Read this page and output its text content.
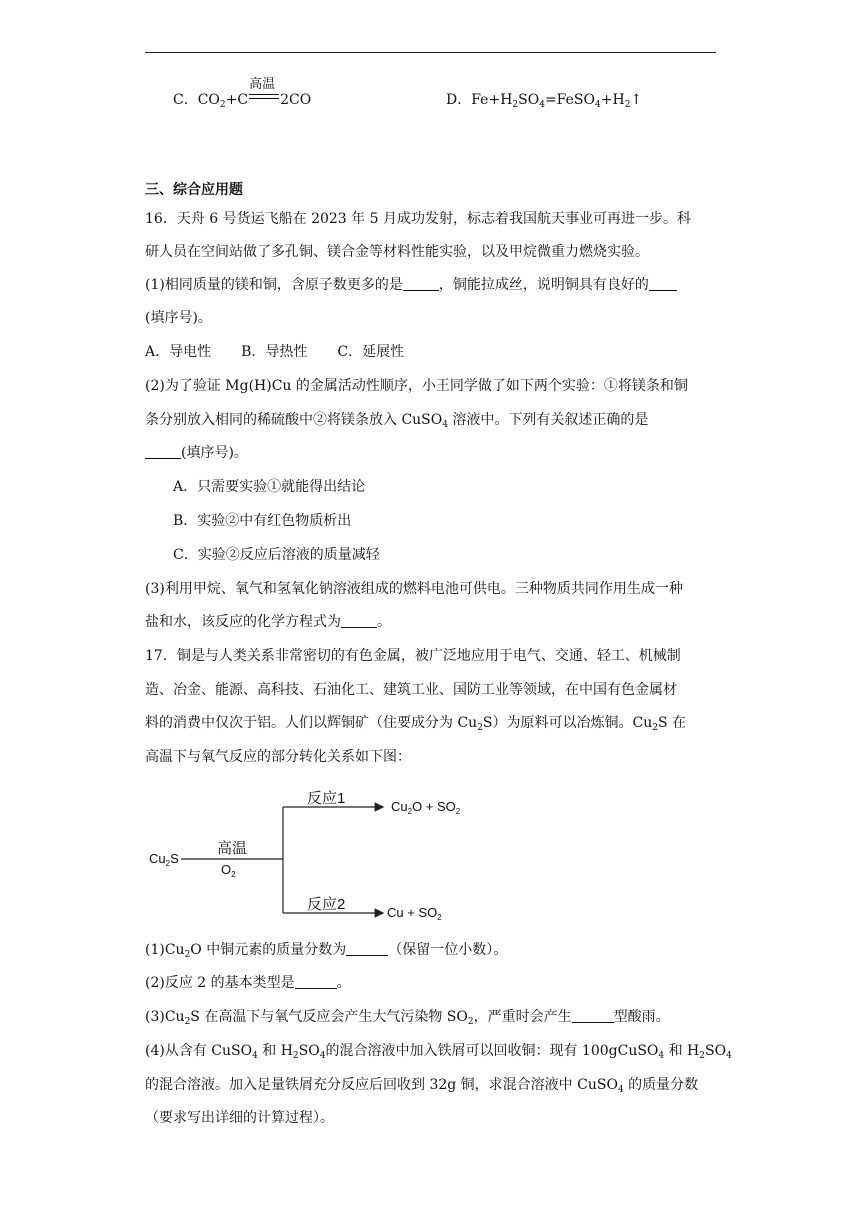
C．$CO_2+C$
高温
2CO	D．$Fe+H_2SO_4=FeSO_4+H_2↑$
三、综合应用题
16．天舟 6 号货运飞船在 2023 年 5 月成功发射，标志着我国航天事业可再进一步。科
研人员在空间站做了多孔铜、镁合金等材料性能实验，以及甲烷微重力燃烧实验。
(1)相同质量的镁和铜，含原子数更多的是	，铜能拉成丝，说明铜具有良好的
(填序号)。
A．导电性 B．导热性 C．延展性
(2)为了验证 Mg(H)Cu 的金属活动性顺序，小王同学做了如下两个实验：①将镁条和铜
条分别放入相同的稀硫酸中②将镁条放入 CuSO$_4$ 溶液中。下列有关叙述正确的是
(填序号)。
A．只需要实验①就能得出结论
B．实验②中有红色物质析出
C．实验②反应后溶液的质量减轻
(3)利用甲烷、氧气和氢氧化钠溶液组成的燃料电池可供电。三种物质共同作用生成一种
盐和水，该反应的化学方程式为	。
17．铜是与人类关系非常密切的有色金属，被广泛地应用于电气、交通、轻工、机械制
造、冶金、能源、高科技、石油化工、建筑工业、国防工业等领域，在中国有色金属材
料的消费中仅次于铝。人们以辉铜矿（住要成分为 $Cu_2S$）为原料可以冶炼铜。$Cu_2S$ 在
高温下与氧气反应的部分转化关系如下图：
$Cu_2S$
高温
$O_2$
反应1	$Cu_2O + SO_2$
反应2	$Cu + SO_2$
$(1)Cu_2O$ 中铜元素的质量分数为	（保留一位小数）。
(2)反应 2 的基本类型是	。
$(3)Cu_2S$ 在高温下与氧气反应会产生大气污染物 $SO_2$，严重时会产生	型酸雨。
(4)从含有 CuSO$_4$ 和 $H_2SO_4$的混合溶液中加入铁屑可以回收铜：现有 100gCuSO$_4$ 和 $H_2SO_4$
的混合溶液。加入足量铁屑充分反应后回收到 32g 铜，求混合溶液中 CuSO$_4$ 的质量分数
（要求写出详细的计算过程）。
